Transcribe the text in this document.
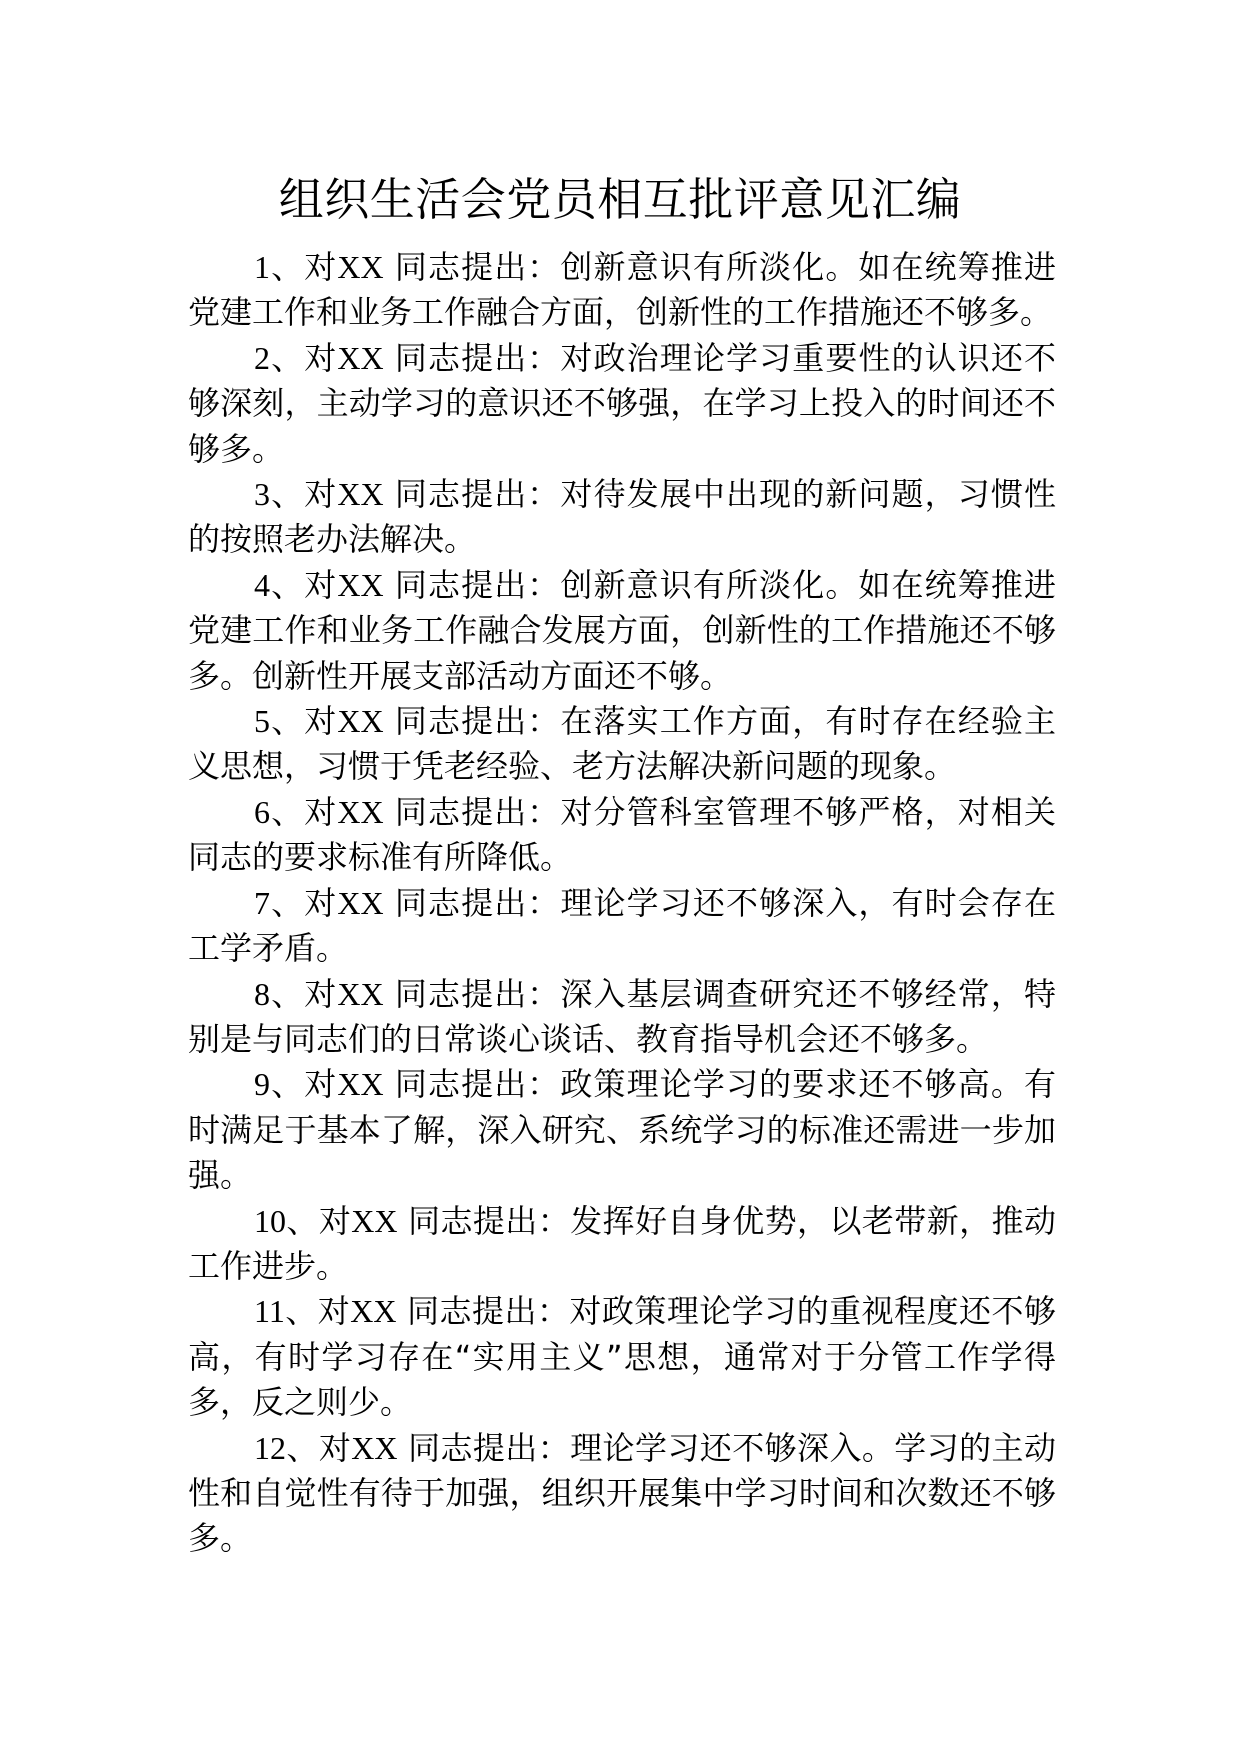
组织生活会党员相互批评意见汇编

1、对XX 同志提出：创新意识有所淡化。如在统筹推进党建工作和业务工作融合方面，创新性的工作措施还不够多。

2、对XX 同志提出：对政治理论学习重要性的认识还不够深刻，主动学习的意识还不够强，在学习上投入的时间还不够多。

3、对XX 同志提出：对待发展中出现的新问题，习惯性的按照老办法解决。

4、对XX 同志提出：创新意识有所淡化。如在统筹推进党建工作和业务工作融合发展方面，创新性的工作措施还不够多。创新性开展支部活动方面还不够。

5、对XX 同志提出：在落实工作方面，有时存在经验主义思想，习惯于凭老经验、老方法解决新问题的现象。

6、对XX 同志提出：对分管科室管理不够严格，对相关同志的要求标准有所降低。

7、对XX 同志提出：理论学习还不够深入，有时会存在工学矛盾。

8、对XX 同志提出：深入基层调查研究还不够经常，特别是与同志们的日常谈心谈话、教育指导机会还不够多。

9、对XX 同志提出：政策理论学习的要求还不够高。有时满足于基本了解，深入研究、系统学习的标准还需进一步加强。

10、对XX 同志提出：发挥好自身优势，以老带新，推动工作进步。

11、对XX 同志提出：对政策理论学习的重视程度还不够高，有时学习存在“实用主义”思想，通常对于分管工作学得多，反之则少。

12、对XX 同志提出：理论学习还不够深入。学习的主动性和自觉性有待于加强，组织开展集中学习时间和次数还不够多。
